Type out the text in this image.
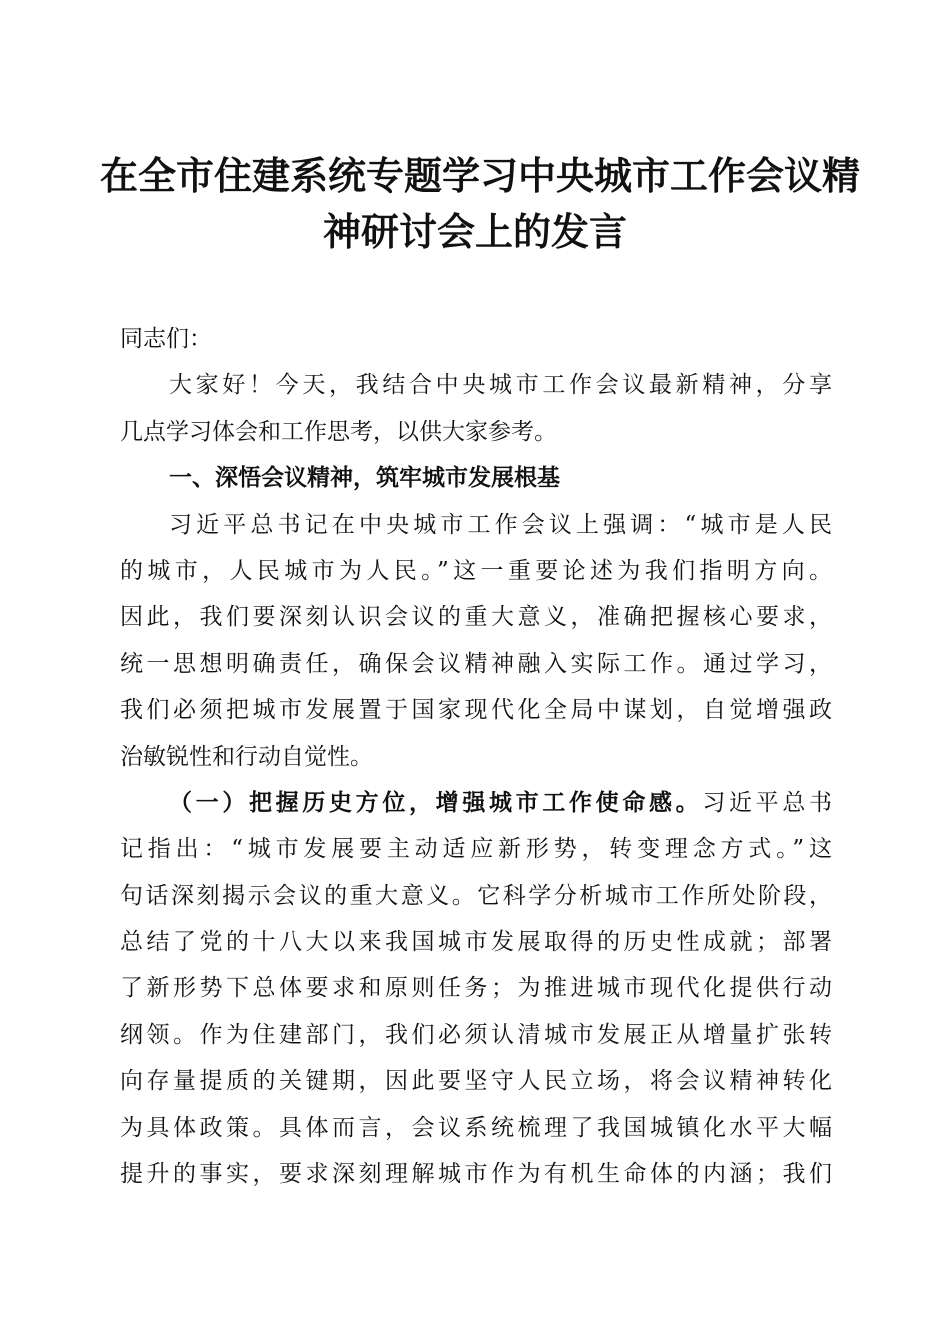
在全市住建系统专题学习中央城市工作会议精
神研讨会上的发言
同志们：
大家好！今天，我结合中央城市工作会议最新精神，分享
几点学习体会和工作思考，以供大家参考。
一、深悟会议精神，筑牢城市发展根基
习近平总书记在中央城市工作会议上强调：“城市是人民
的城市，人民城市为人民。”这一重要论述为我们指明方向。
因此，我们要深刻认识会议的重大意义，准确把握核心要求，
统一思想明确责任，确保会议精神融入实际工作。通过学习，
我们必须把城市发展置于国家现代化全局中谋划，自觉增强政
治敏锐性和行动自觉性。
（一）把握历史方位，增强城市工作使命感。习近平总书
记指出：“城市发展要主动适应新形势，转变理念方式。”这
句话深刻揭示会议的重大意义。它科学分析城市工作所处阶段，
总结了党的十八大以来我国城市发展取得的历史性成就；部署
了新形势下总体要求和原则任务；为推进城市现代化提供行动
纲领。作为住建部门，我们必须认清城市发展正从增量扩张转
向存量提质的关键期，因此要坚守人民立场，将会议精神转化
为具体政策。具体而言，会议系统梳理了我国城镇化水平大幅
提升的事实，要求深刻理解城市作为有机生命体的内涵；我们
